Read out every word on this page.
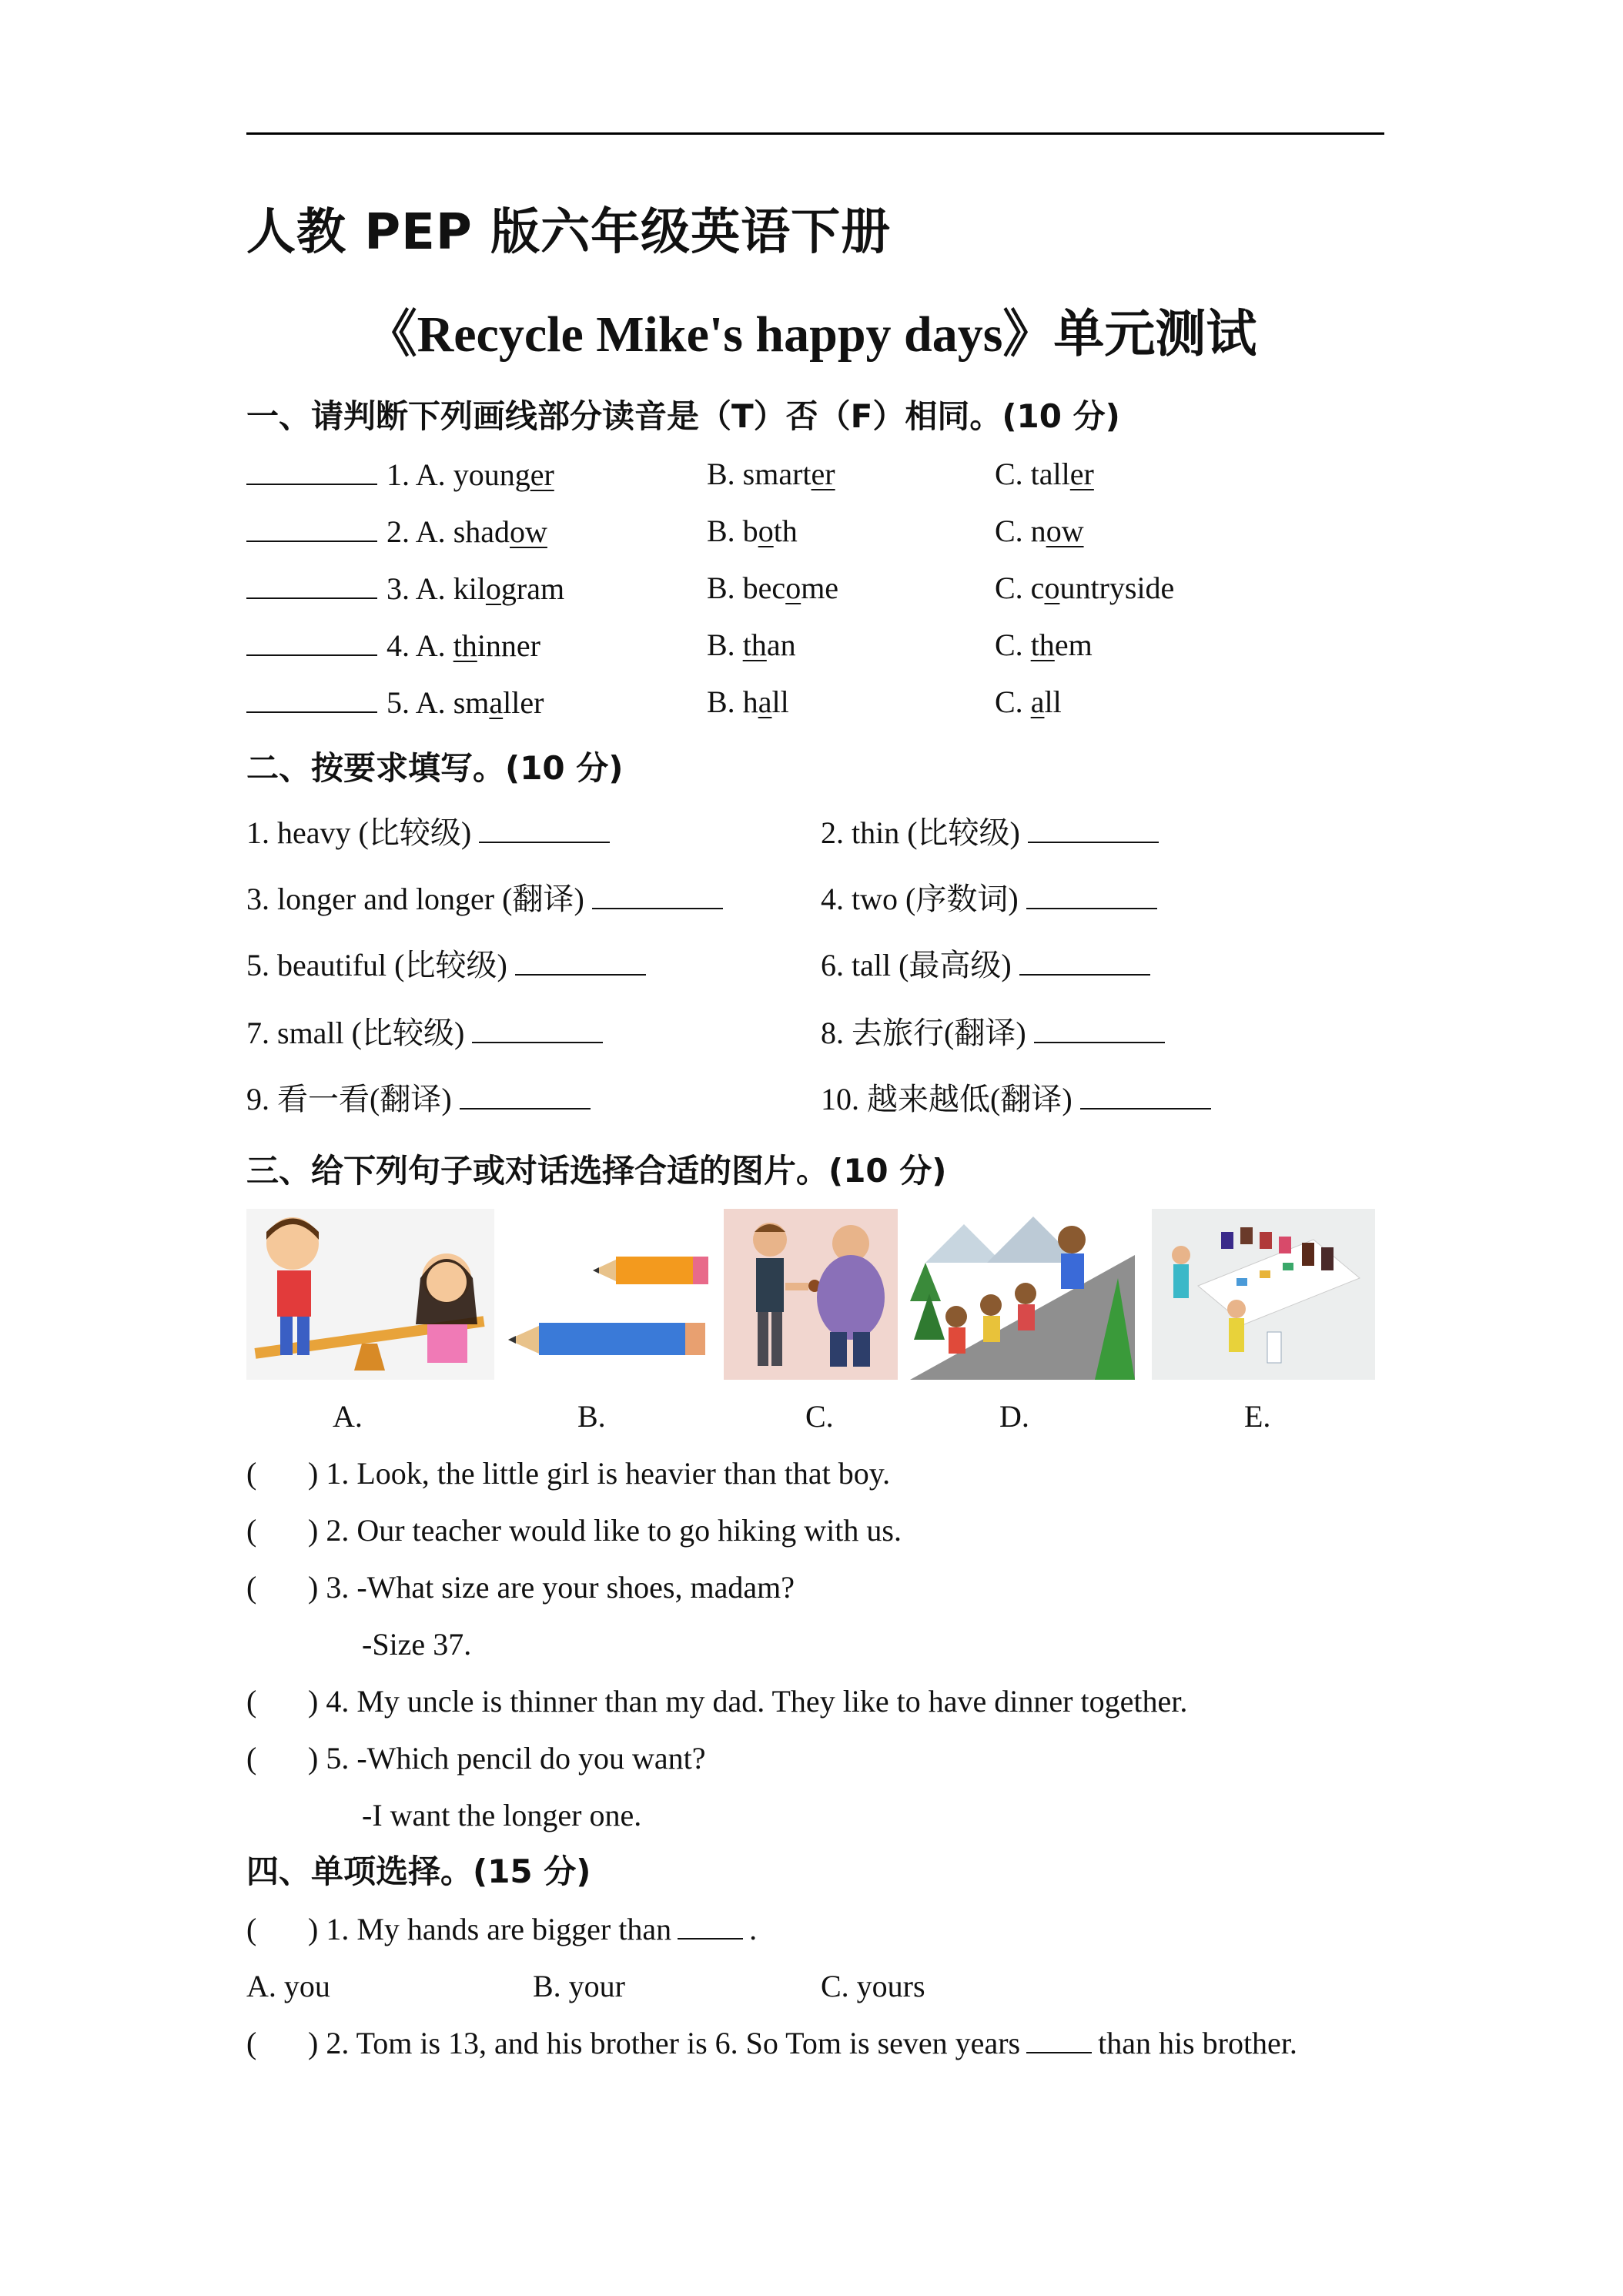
人教 PEP 版六年级英语下册
《Recycle Mike's happy days》单元测试
一、请判断下列画线部分读音是（T）否（F）相同。(10 分)
1. A. younger	B. smarter	C. taller
2. A. shadow	B. both	C. now
3. A. kilogram	B. become	C. countryside
4. A. thinner	B. than	C. them
5. A. smaller	B. hall	C. all
二、按要求填写。(10 分)
1. heavy (比较级)	2. thin (比较级)
3. longer and longer (翻译)	4. two (序数词)
5. beautiful (比较级)	6. tall (最高级)
7. small (比较级)	8. 去旅行(翻译)
9. 看一看(翻译)	10. 越来越低(翻译)
三、给下列句子或对话选择合适的图片。(10 分)
A.	B.	C.	D.	E.
( ) 1. Look, the little girl is heavier than that boy.
( ) 2. Our teacher would like to go hiking with us.
( ) 3. -What size are your shoes, madam?
-Size 37.
( ) 4. My uncle is thinner than my dad. They like to have dinner together.
( ) 5. -Which pencil do you want?
-I want the longer one.
四、单项选择。(15 分)
( ) 1. My hands are bigger than	.
A. you	B. your	C. yours
( ) 2. Tom is 13, and his brother is 6. So Tom is seven years	than his brother.
